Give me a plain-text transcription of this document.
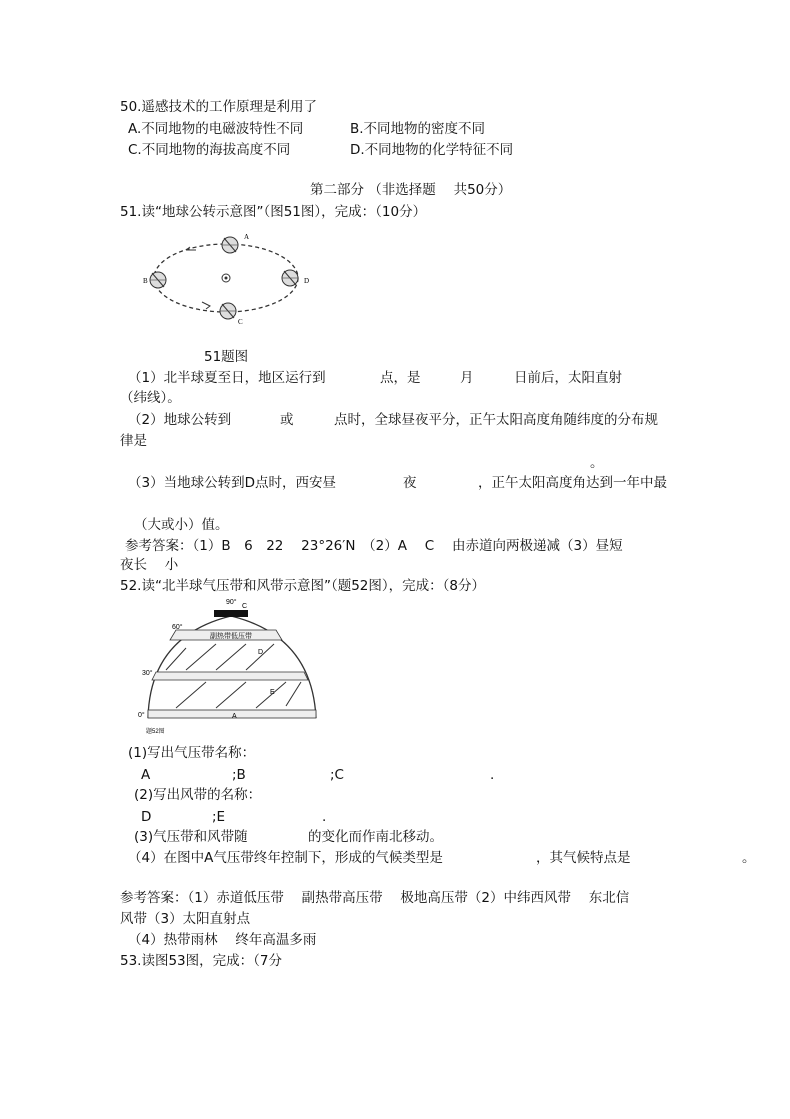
50.遥感技术的工作原理是利用了
A.不同地物的电磁波特性不同	B.不同地物的密度不同
C.不同地物的海拔高度不同	D.不同地物的化学特征不同
第二部分 （非选择题　 共50分）
51.读“地球公转示意图”（图51图），完成：（10分）
A
B
C
D
51题图
（1）北半球夏至日，地区运行到	点，是	月	日前后，太阳直射
（纬线）。
（2）地球公转到	或	点时，全球昼夜平分，正午太阳高度角随纬度的分布规
律是
。
（3）当地球公转到D点时，西安昼	夜	，正午太阳高度角达到一年中最
（大或小）值。
参考答案：（1）B　6　22　 23°26′N　（2）A　 C　 由赤道向两极递减（3）昼短
夜长　 小
52.读“北半球气压带和风带示意图”（题52图），完成：（8分）
90°
60°
30°
0°
C
副热带低压带
D
E
A
题52图
(1)写出气压带名称：
A	;B	;C	.
(2)写出风带的名称：
D	;E	.
(3)气压带和风带随	的变化而作南北移动。
（4）在图中A气压带终年控制下，形成的气候类型是	，其气候特点是	。
参考答案：（1）赤道低压带　 副热带高压带　 极地高压带（2）中纬西风带　 东北信
风带（3）太阳直射点
（4）热带雨林　 终年高温多雨
53.读图53图，完成：（7分
